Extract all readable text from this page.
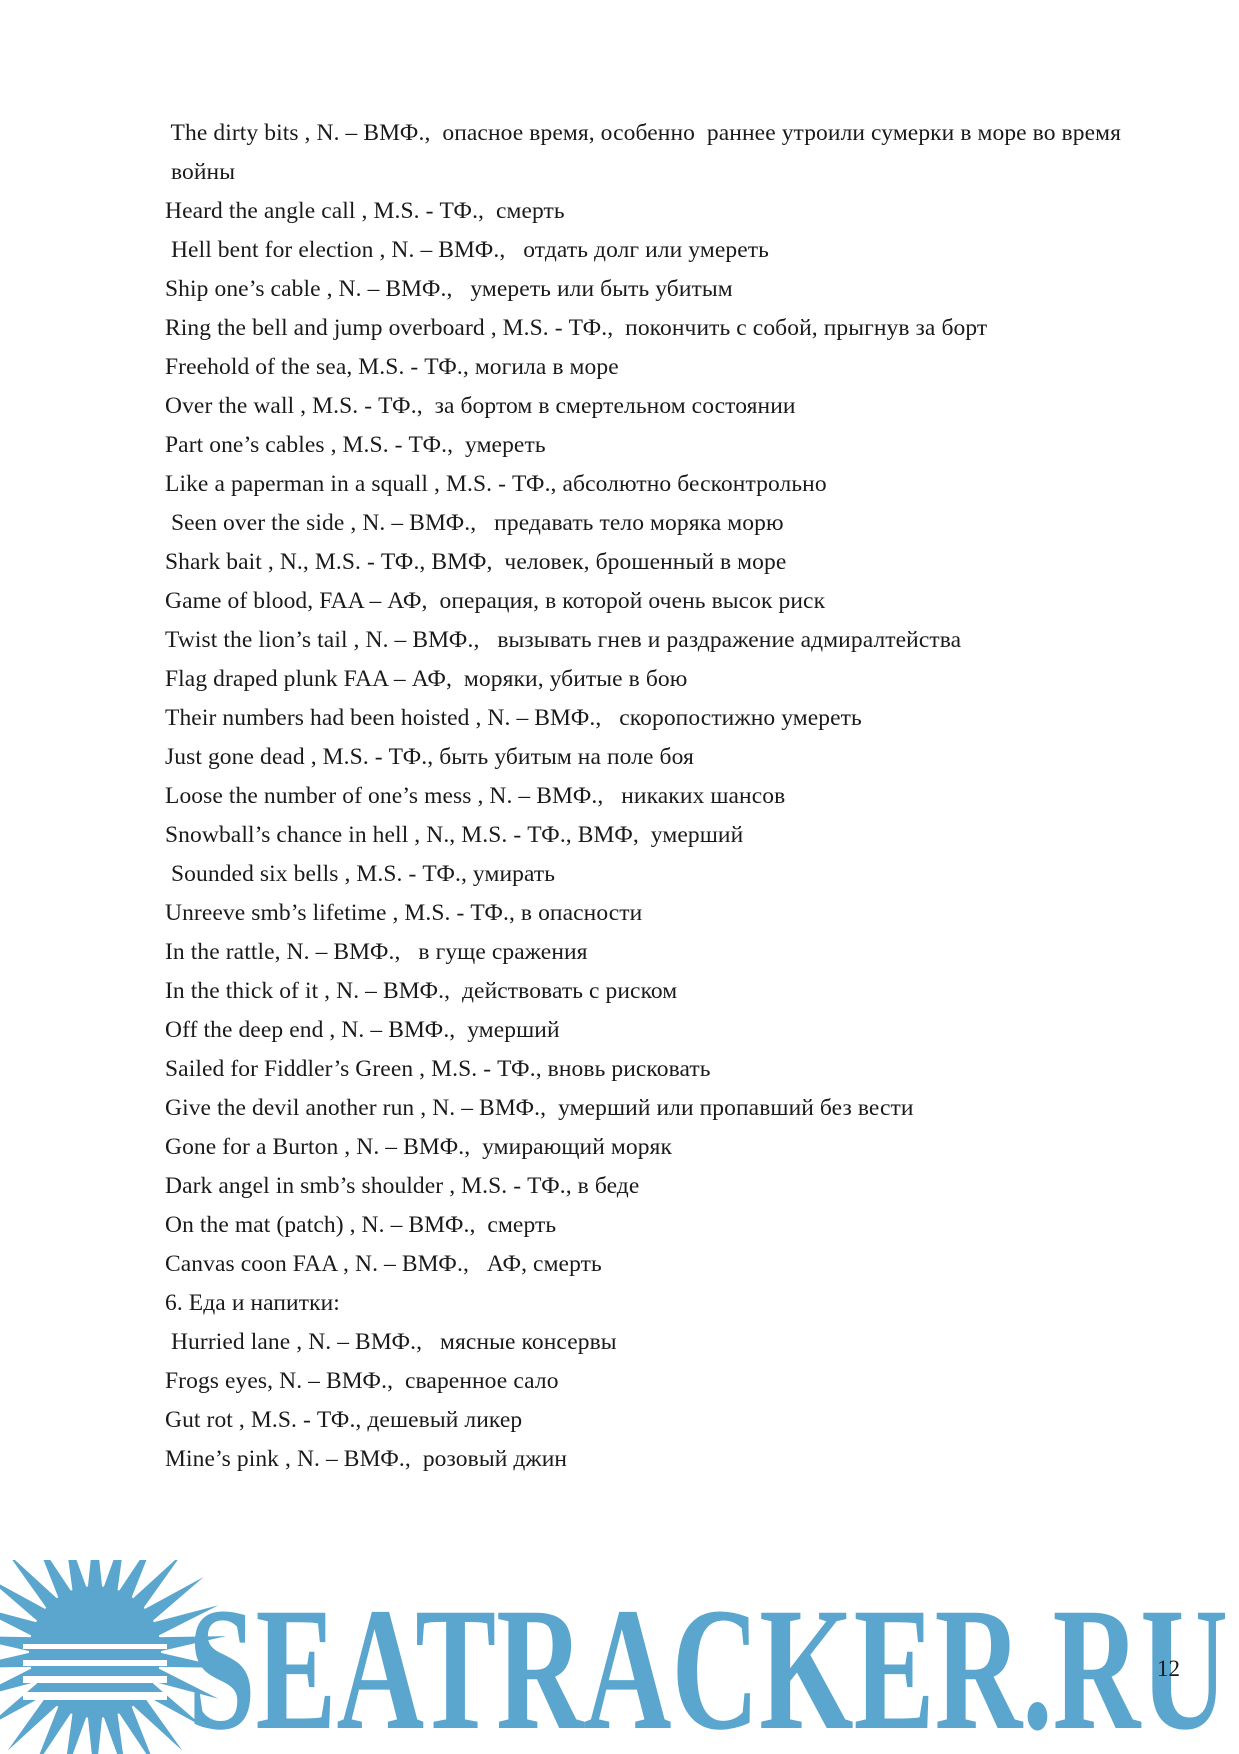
The dirty bits , N. – ВМФ.,  опасное время, особенно  раннее утроили сумерки в море во время
войны
Heard the angle call , M.S. - ТФ.,  смерть
Hell bent for election , N. – ВМФ.,   отдать долг или умереть
Ship one’s cable , N. – ВМФ.,   умереть или быть убитым
Ring the bell and jump overboard , M.S. - ТФ.,  покончить с собой, прыгнув за борт
Freehold of the sea, M.S. - ТФ., могила в море
Over the wall , M.S. - ТФ.,  за бортом в смертельном состоянии
Part one’s cables , M.S. - ТФ.,  умереть
Like a paperman in a squall , M.S. - ТФ., абсолютно бесконтрольно
Seen over the side , N. – ВМФ.,   предавать тело моряка морю
Shark bait , N., M.S. - ТФ., ВМФ,  человек, брошенный в море
Game of blood, FAA – АФ,  операция, в которой очень высок риск
Twist the lion’s tail , N. – ВМФ.,   вызывать гнев и раздражение адмиралтейства
Flag draped plunk FAA – АФ,  моряки, убитые в бою
Their numbers had been hoisted , N. – ВМФ.,   скоропостижно умереть
Just gone dead , M.S. - ТФ., быть убитым на поле боя
Loose the number of one’s mess , N. – ВМФ.,   никаких шансов
Snowball’s chance in hell , N., M.S. - ТФ., ВМФ,  умерший
Sounded six bells , M.S. - ТФ., умирать
Unreeve smb’s lifetime , M.S. - ТФ., в опасности
In the rattle, N. – ВМФ.,   в гуще сражения
In the thick of it , N. – ВМФ.,  действовать с риском
Off the deep end , N. – ВМФ.,  умерший
Sailed for Fiddler’s Green , M.S. - ТФ., вновь рисковать
Give the devil another run , N. – ВМФ.,  умерший или пропавший без вести
Gone for a Burton , N. – ВМФ.,  умирающий моряк
Dark angel in smb’s shoulder , M.S. - ТФ., в беде
On the mat (patch) , N. – ВМФ.,  смерть
Canvas coon FAA , N. – ВМФ.,   АФ, смерть
6. Еда и напитки:
Hurried lane , N. – ВМФ.,   мясные консервы
Frogs eyes, N. – ВМФ.,  сваренное сало
Gut rot , M.S. - ТФ., дешевый ликер
Mine’s pink , N. – ВМФ.,  розовый джин
SEATRACKER.RU
12
